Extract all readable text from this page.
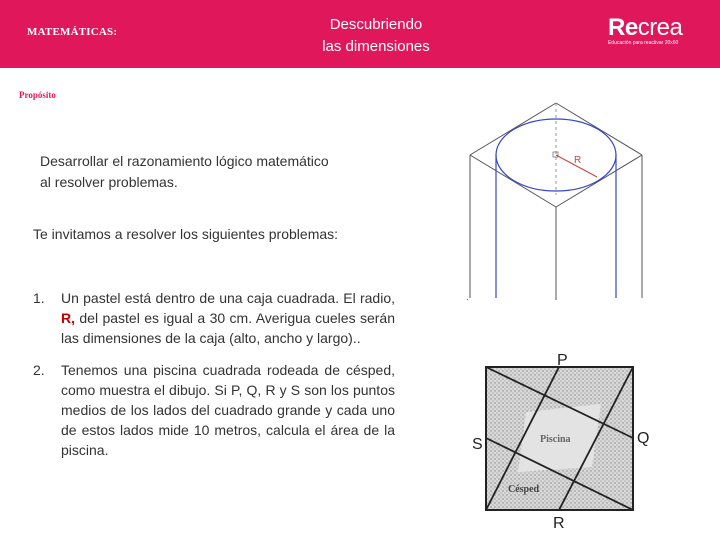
MATEMÁTICAS:	Descubriendo
las dimensiones
Recrea
Educación para reactivar 20x60
Propósito
Desarrollar el razonamiento lógico matemático al resolver problemas.
Te invitamos a resolver los siguientes problemas:
1. Un pastel está dentro de una caja cuadrada. El radio, R, del pastel es igual a 30 cm. Averigua cueles serán las dimensiones de la caja (alto, ancho y largo)..
2. Tenemos una piscina cuadrada rodeada de césped, como muestra el dibujo. Si P, Q, R y S son los puntos medios de los lados del cuadrado grande y cada uno de estos lados mide 10 metros, calcula el área de la piscina.
R
.
Piscina
Césped
P
Q
R
S
